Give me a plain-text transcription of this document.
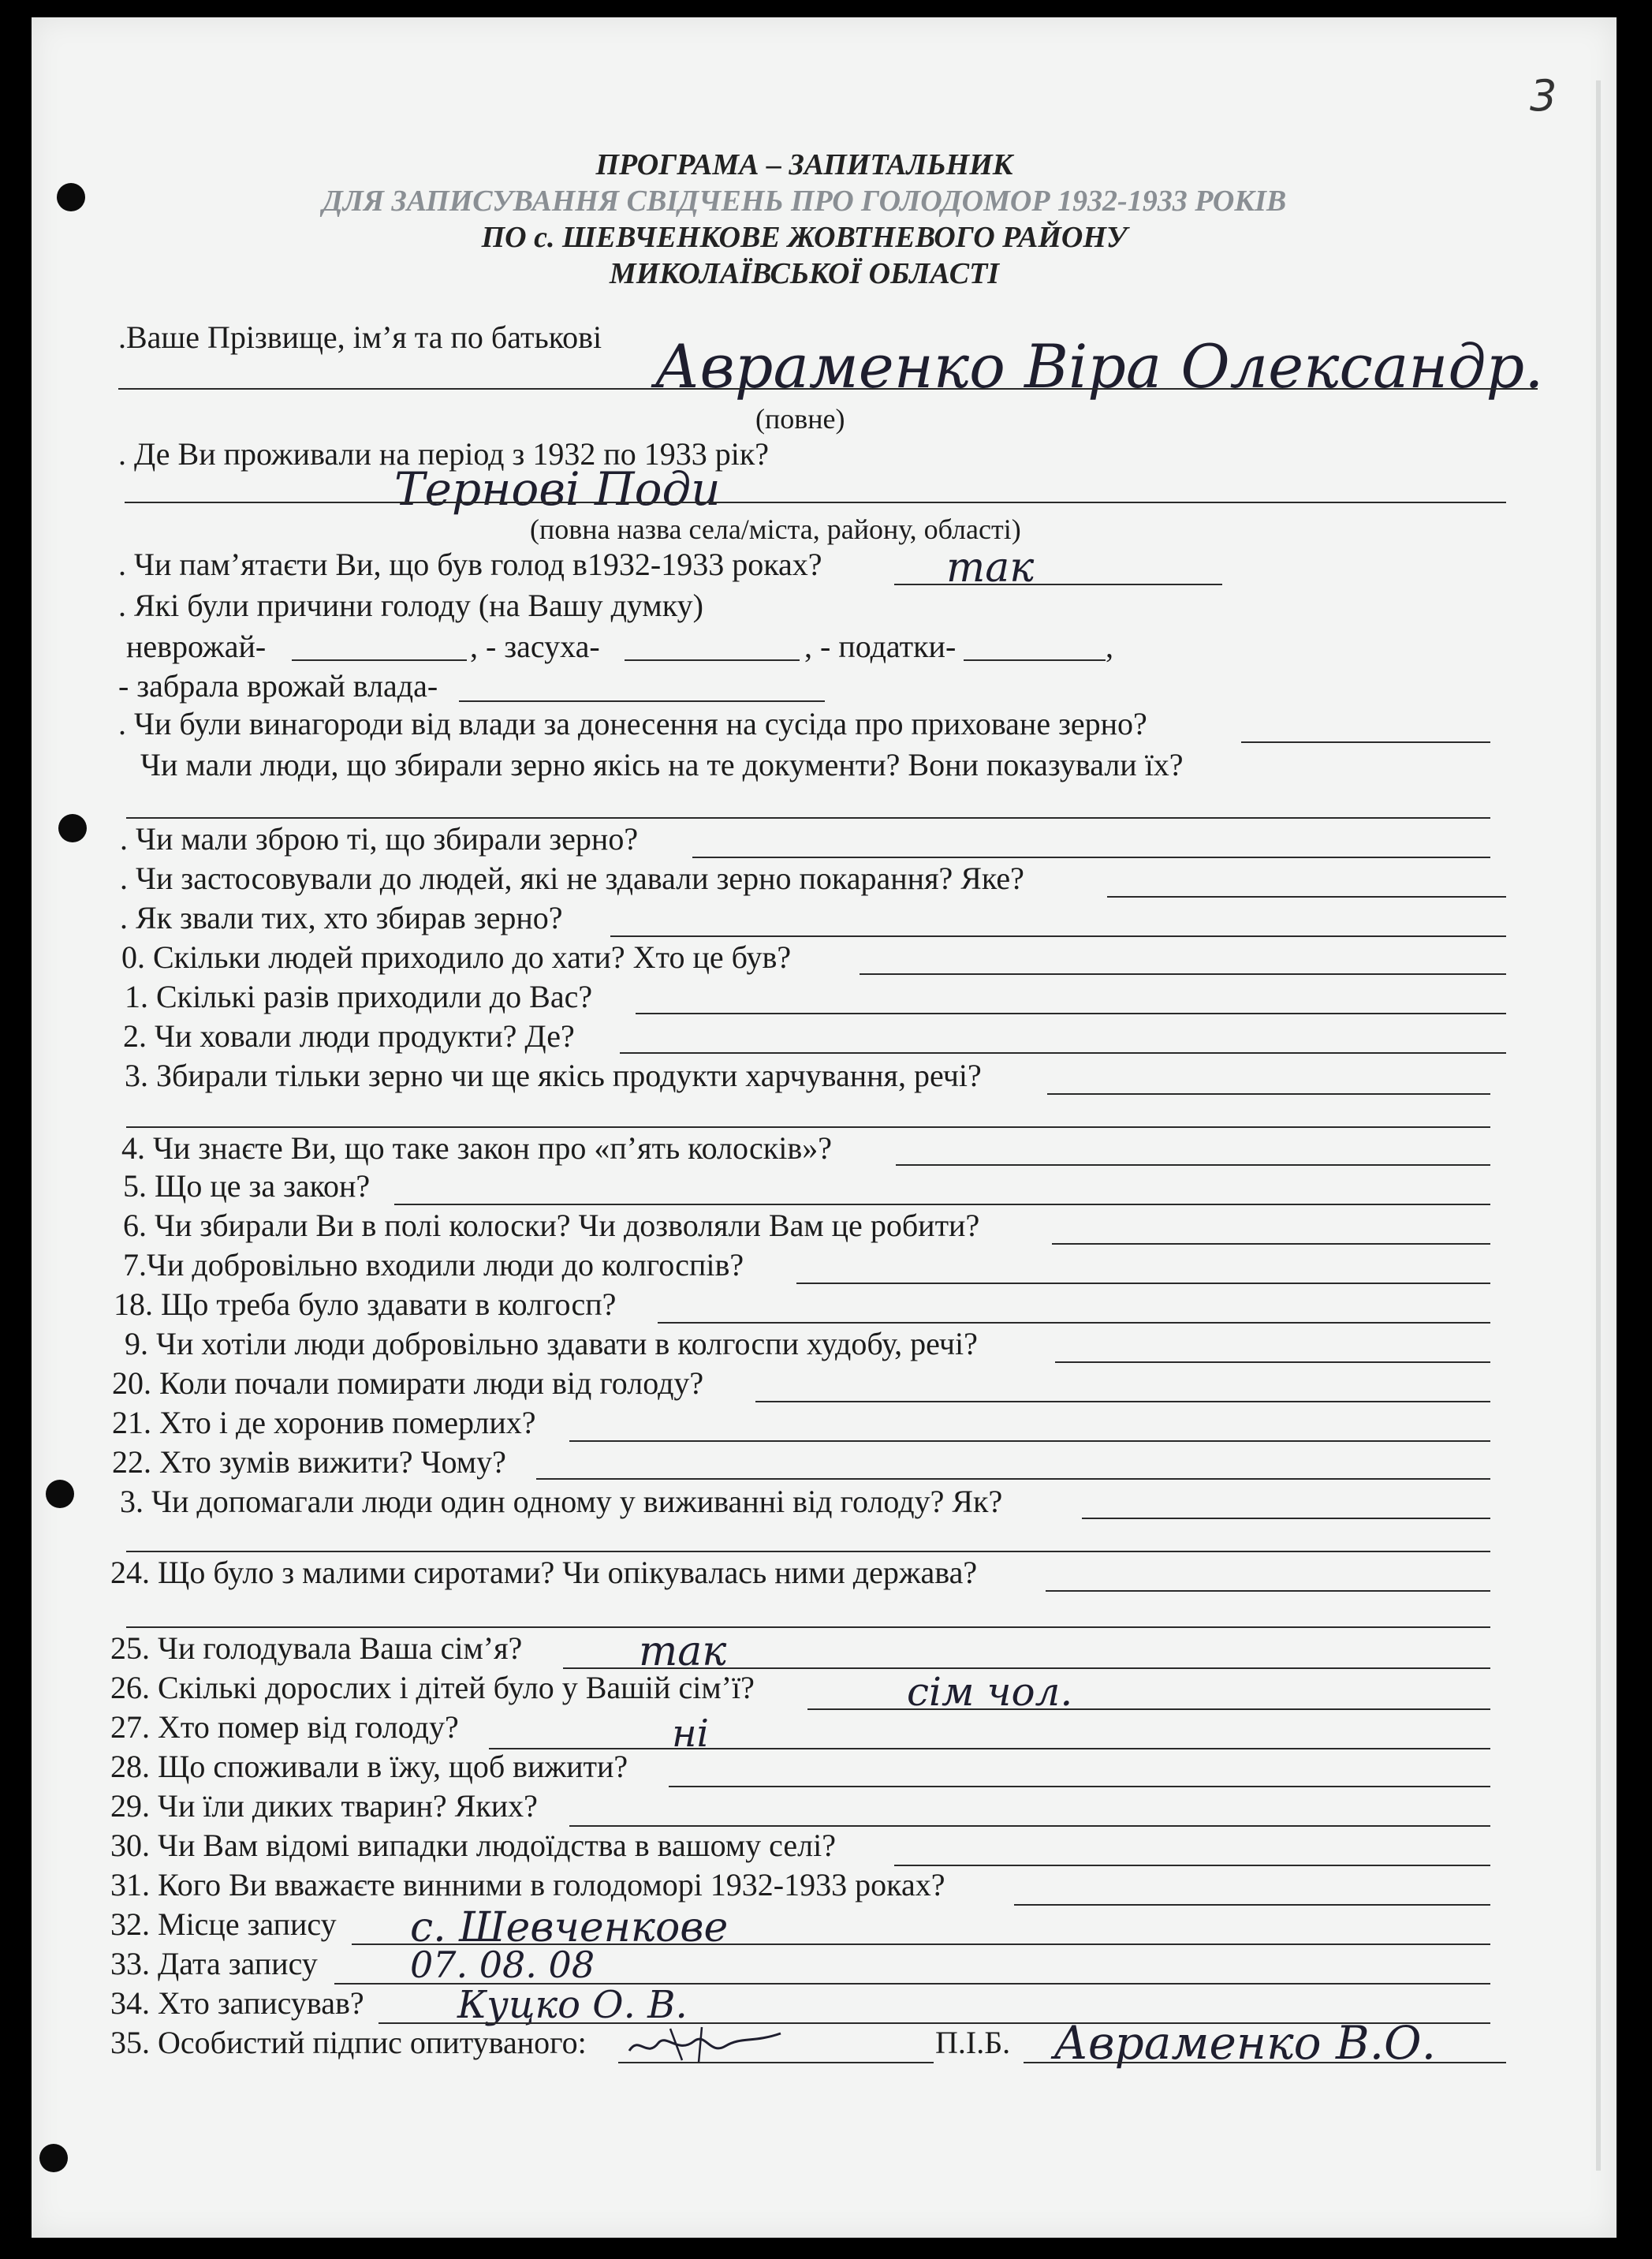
3
ПРОГРАМА – ЗАПИТАЛЬНИК
ДЛЯ ЗАПИСУВАННЯ СВІДЧЕНЬ ПРО ГОЛОДОМОР 1932-1933 РОКІВ
ПО с. ШЕВЧЕНКОВЕ ЖОВТНЕВОГО РАЙОНУ
МИКОЛАЇВСЬКОЇ ОБЛАСТІ
.Ваше Прізвище, ім’я та по батькові Авраменко Віра Олександр.
(повне)
. Де Ви проживали на період з 1932 по 1933 рік?
Тернові Поди
(повна назва села/міста, району, області)
. Чи пам’ятаєти Ви, що був голод в1932-1933 роках?	так
. Які були причини голоду (на Вашу думку)
неврожай-	, - засуха-	, - податки-	,
- забрала врожай влада-
. Чи були винагороди від влади за донесення на сусіда про приховане зерно?
Чи мали люди, що збирали зерно якісь на те документи? Вони показували їх?
. Чи мали зброю ті, що збирали зерно?
. Чи застосовували до людей, які не здавали зерно покарання? Яке?
. Як звали тих, хто збирав зерно?
0. Скільки людей приходило до хати? Хто це був?
1. Скількі разів приходили до Вас?
2. Чи ховали люди продукти? Де?
3. Збирали тільки зерно чи ще якісь продукти харчування, речі?
4. Чи знаєте Ви, що таке закон про «п’ять колосків»?
5. Що це за закон?
6. Чи збирали Ви в полі колоски? Чи дозволяли Вам це робити?
7.Чи добровільно входили люди до колгоспів?
18. Що треба було здавати в колгосп?
9. Чи хотіли люди добровільно здавати в колгоспи худобу, речі?
20. Коли почали помирати люди від голоду?
21. Хто і де хоронив померлих?
22. Хто зумів вижити? Чому?
3. Чи допомагали люди один одному у виживанні від голоду? Як?
24. Що було з малими сиротами? Чи опікувалась ними держава?
25. Чи голодувала Ваша сім’я?	так
26. Скількі дорослих і дітей було у Вашій сім’ї?	сім чол.
27. Хто помер від голоду?	ні
28. Що споживали в їжу, щоб вижити?
29. Чи їли диких тварин? Яких?
30. Чи Вам відомі випадки людоїдства в вашому селі?
31. Кого Ви вважаєте винними в голодоморі 1932-1933 роках?
32. Місце запису с. Шевченкове
33. Дата запису	07. 08. 08
34. Хто записував? Куцко О. В.
35. Особистий підпис опитуваного:	П.І.Б. Авраменко В.О.
